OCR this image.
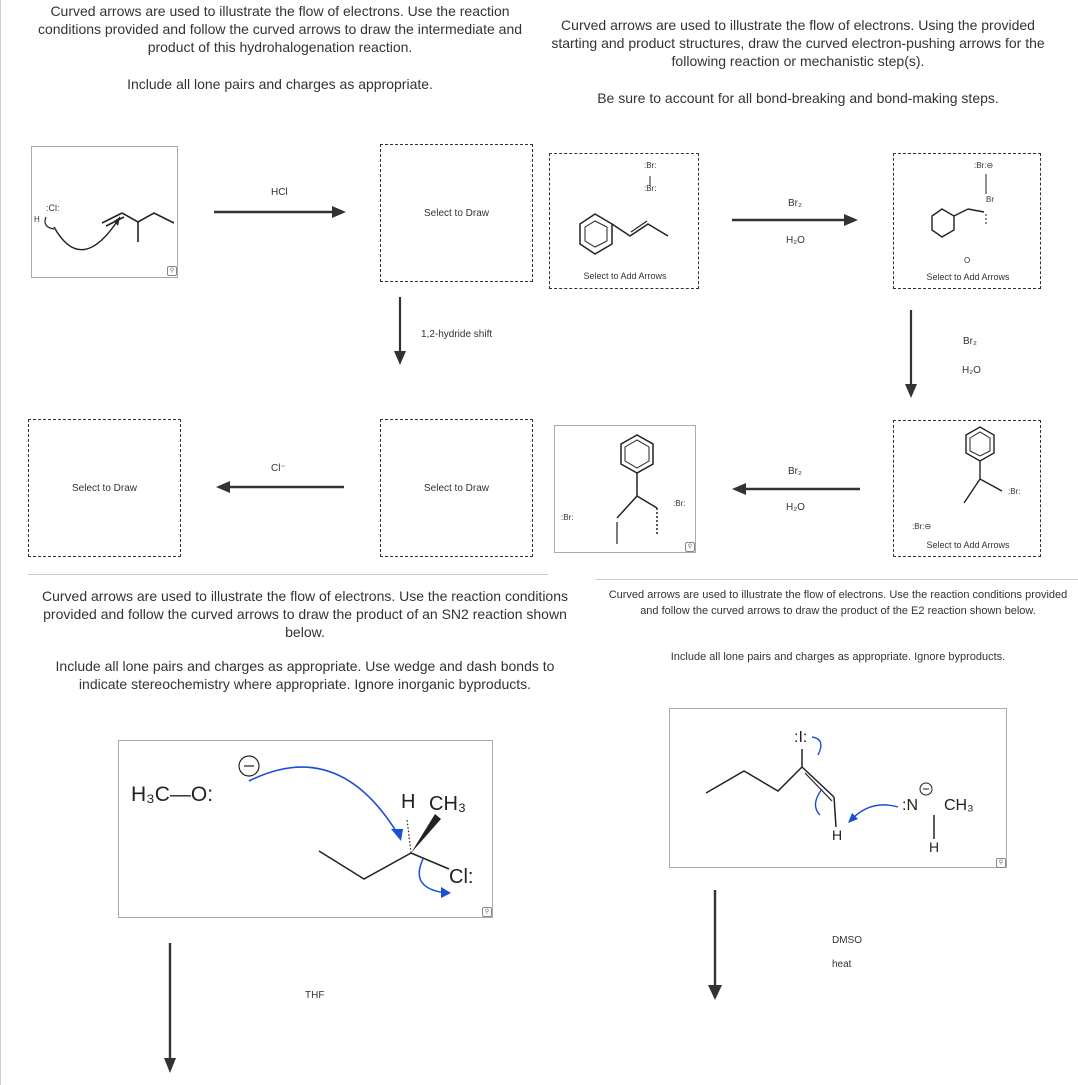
Curved arrows are used to illustrate the flow of electrons. Use the reaction conditions provided and follow the curved arrows to draw the intermediate and product of this hydrohalogenation reaction.
Include all lone pairs and charges as appropriate.
:Cl:
H
⚲
HCl
Select to Draw
1,2-hydride shift
Select to Draw
Cl⁻
Select to Draw
Curved arrows are used to illustrate the flow of electrons. Using the provided starting and product structures, draw the curved electron-pushing arrows for the following reaction or mechanistic step(s).
Be sure to account for all bond-breaking and bond-making steps.
:Br:
:Br:
Select to Add Arrows
Br₂
H₂O
:Br:⊖
Br
O
Select to Add Arrows
Br₂
H₂O
:Br:⊖
:Br:
Select to Add Arrows
Br₂
H₂O
:Br:
:Br:
⚲
Curved arrows are used to illustrate the flow of electrons. Use the reaction conditions provided and follow the curved arrows to draw the product of an SN2 reaction shown below.
Include all lone pairs and charges as appropriate. Use wedge and dash bonds to indicate stereochemistry where appropriate. Ignore inorganic byproducts.
H₃C—O:	H CH₃
Cl:
⚲
THF
Curved arrows are used to illustrate the flow of electrons. Use the reaction conditions provided and follow the curved arrows to draw the product of the E2 reaction shown below.
Include all lone pairs and charges as appropriate. Ignore byproducts.
:I:
H
:N CH₃
H
⚲
DMSO
heat
